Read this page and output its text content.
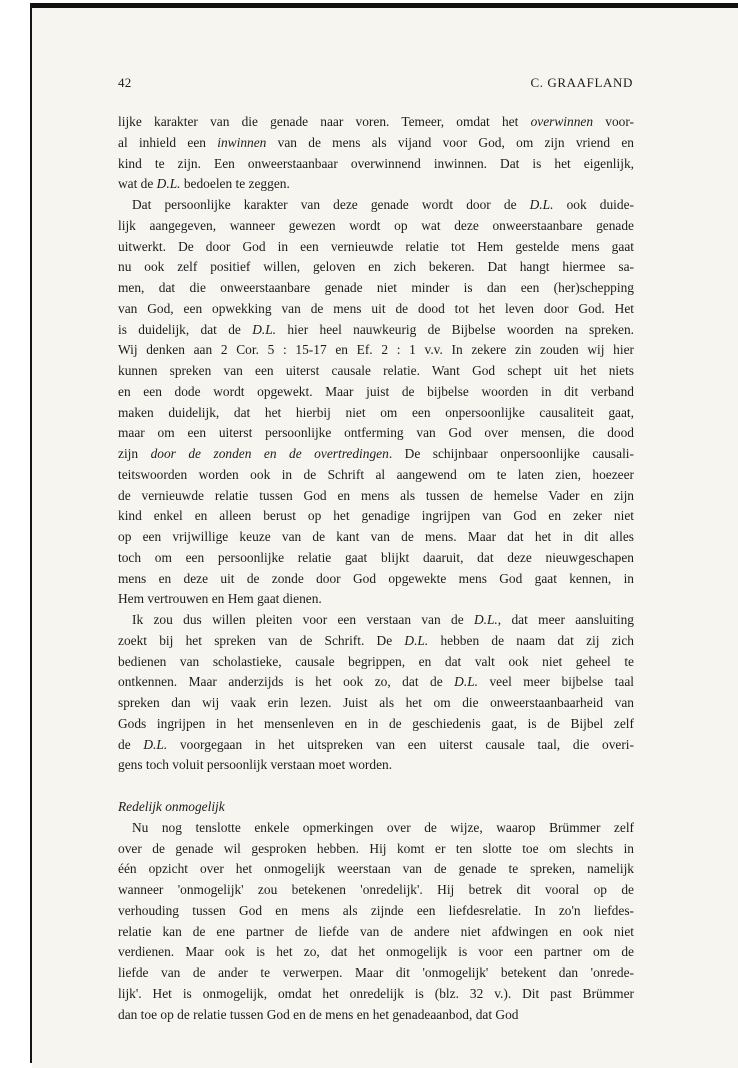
42	C. GRAAFLAND

lijke karakter van die genade naar voren. Temeer, omdat het overwinnen voor-
al inhield een inwinnen van de mens als vijand voor God, om zijn vriend en
kind te zijn. Een onweerstaanbaar overwinnend inwinnen. Dat is het eigenlijk,
wat de D.L. bedoelen te zeggen.

Dat persoonlijke karakter van deze genade wordt door de D.L. ook duide-
lijk aangegeven, wanneer gewezen wordt op wat deze onweerstaanbare genade
uitwerkt. De door God in een vernieuwde relatie tot Hem gestelde mens gaat
nu ook zelf positief willen, geloven en zich bekeren. Dat hangt hiermee sa-
men, dat die onweerstaanbare genade niet minder is dan een (her)schepping
van God, een opwekking van de mens uit de dood tot het leven door God. Het
is duidelijk, dat de D.L. hier heel nauwkeurig de Bijbelse woorden na spreken.
Wij denken aan 2 Cor. 5 : 15-17 en Ef. 2 : 1 v.v. In zekere zin zouden wij hier
kunnen spreken van een uiterst causale relatie. Want God schept uit het niets
en een dode wordt opgewekt. Maar juist de bijbelse woorden in dit verband
maken duidelijk, dat het hierbij niet om een onpersoonlijke causaliteit gaat,
maar om een uiterst persoonlijke ontferming van God over mensen, die dood
zijn door de zonden en de overtredingen. De schijnbaar onpersoonlijke causali-
teitswoorden worden ook in de Schrift al aangewend om te laten zien, hoezeer
de vernieuwde relatie tussen God en mens als tussen de hemelse Vader en zijn
kind enkel en alleen berust op het genadige ingrijpen van God en zeker niet
op een vrijwillige keuze van de kant van de mens. Maar dat het in dit alles
toch om een persoonlijke relatie gaat blijkt daaruit, dat deze nieuwgeschapen
mens en deze uit de zonde door God opgewekte mens God gaat kennen, in
Hem vertrouwen en Hem gaat dienen.

Ik zou dus willen pleiten voor een verstaan van de D.L., dat meer aansluiting
zoekt bij het spreken van de Schrift. De D.L. hebben de naam dat zij zich
bedienen van scholastieke, causale begrippen, en dat valt ook niet geheel te
ontkennen. Maar anderzijds is het ook zo, dat de D.L. veel meer bijbelse taal
spreken dan wij vaak erin lezen. Juist als het om die onweerstaanbaarheid van
Gods ingrijpen in het mensenleven en in de geschiedenis gaat, is de Bijbel zelf
de D.L. voorgegaan in het uitspreken van een uiterst causale taal, die overi-
gens toch voluit persoonlijk verstaan moet worden.

Redelijk onmogelijk

Nu nog tenslotte enkele opmerkingen over de wijze, waarop Brümmer zelf
over de genade wil gesproken hebben. Hij komt er ten slotte toe om slechts in
één opzicht over het onmogelijk weerstaan van de genade te spreken, namelijk
wanneer 'onmogelijk' zou betekenen 'onredelijk'. Hij betrek dit vooral op de
verhouding tussen God en mens als zijnde een liefdesrelatie. In zo'n liefdes-
relatie kan de ene partner de liefde van de andere niet afdwingen en ook niet
verdienen. Maar ook is het zo, dat het onmogelijk is voor een partner om de
liefde van de ander te verwerpen. Maar dit 'onmogelijk' betekent dan 'onrede-
lijk'. Het is onmogelijk, omdat het onredelijk is (blz. 32 v.). Dit past Brümmer
dan toe op de relatie tussen God en de mens en het genadeaanbod, dat God
